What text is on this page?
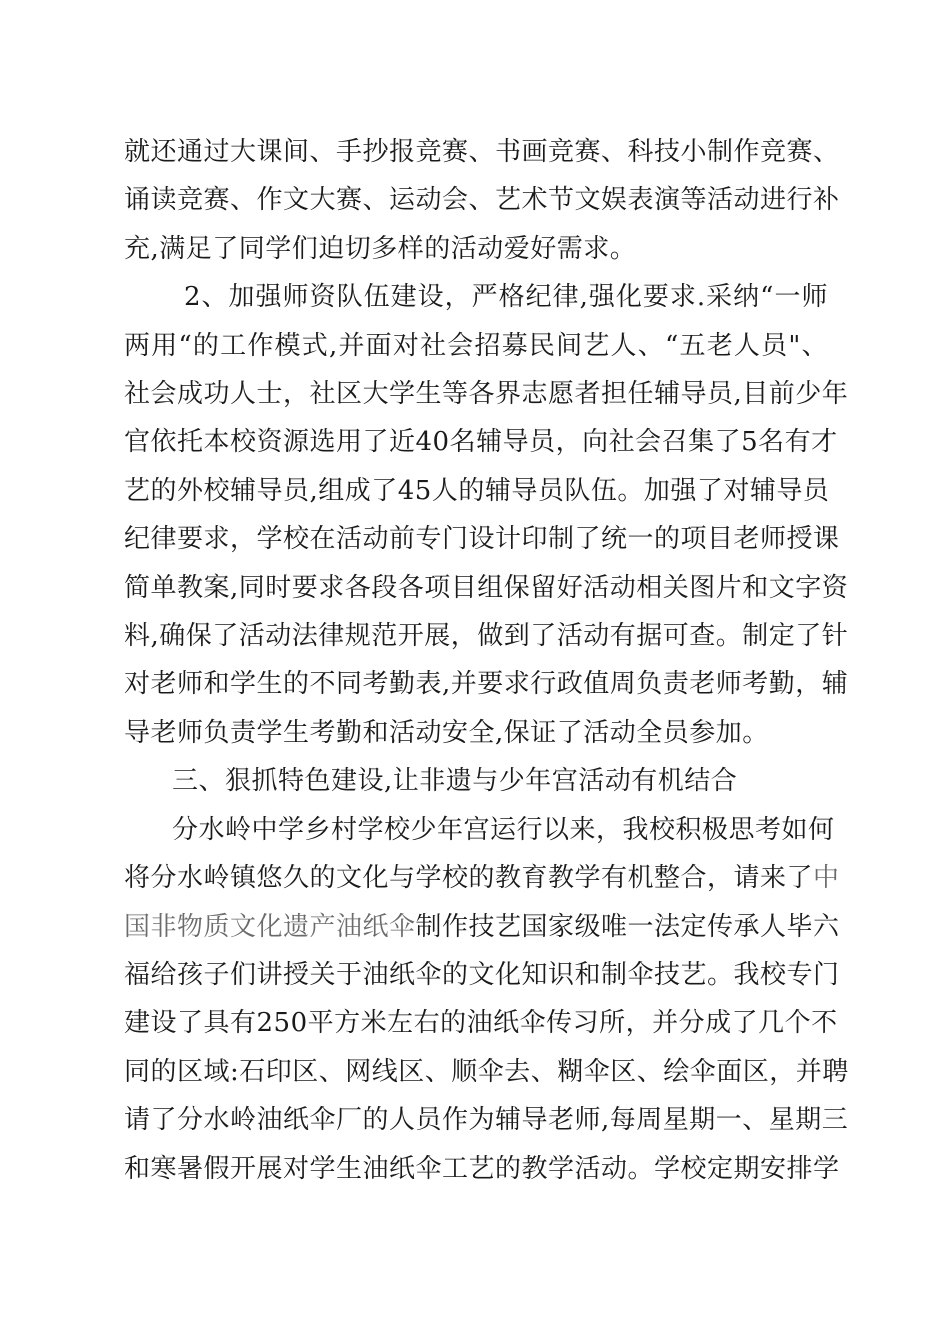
就还通过大课间、手抄报竞赛、书画竞赛、科技小制作竞赛、
诵读竞赛、作文大赛、运动会、艺术节文娱表演等活动进行补
充,满足了同学们迫切多样的活动爱好需求。

2、加强师资队伍建设，严格纪律,强化要求.采纳“一师
两用“的工作模式,并面对社会招募民间艺人、“五老人员"、
社会成功人士，社区大学生等各界志愿者担任辅导员,目前少年
官依托本校资源选用了近40名辅导员，向社会召集了5名有才
艺的外校辅导员,组成了45人的辅导员队伍。加强了对辅导员
纪律要求，学校在活动前专门设计印制了统一的项目老师授课
简单教案,同时要求各段各项目组保留好活动相关图片和文字资
料,确保了活动法律规范开展，做到了活动有据可查。制定了针
对老师和学生的不同考勤表,并要求行政值周负责老师考勤，辅
导老师负责学生考勤和活动安全,保证了活动全员参加。

三、狠抓特色建设,让非遗与少年宫活动有机结合

分水岭中学乡村学校少年宫运行以来，我校积极思考如何
将分水岭镇悠久的文化与学校的教育教学有机整合，请来了中
国非物质文化遗产油纸伞制作技艺国家级唯一法定传承人毕六
福给孩子们讲授关于油纸伞的文化知识和制伞技艺。我校专门
建设了具有250平方米左右的油纸伞传习所，并分成了几个不
同的区域:石印区、网线区、顺伞去、糊伞区、绘伞面区，并聘
请了分水岭油纸伞厂的人员作为辅导老师,每周星期一、星期三
和寒暑假开展对学生油纸伞工艺的教学活动。学校定期安排学
